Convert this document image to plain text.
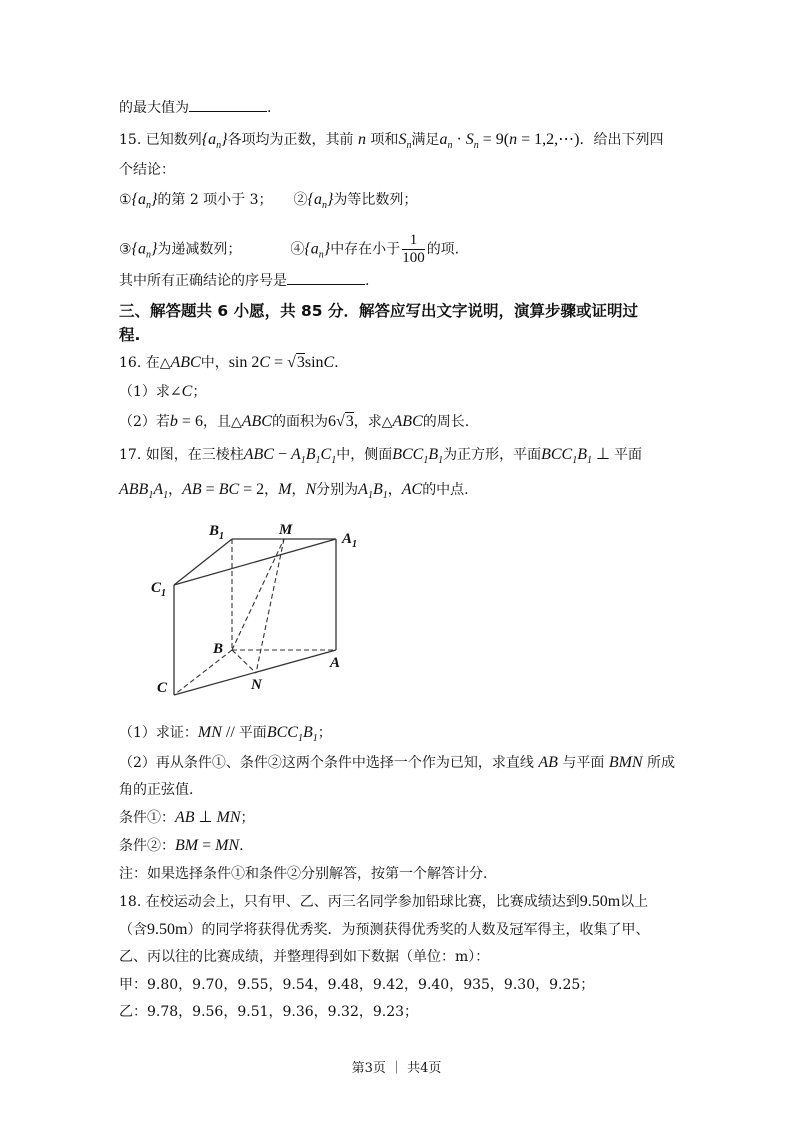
的最大值为	.
15. 已知数列$\{a_n\}$各项均为正数，其前 n 项和$S_n$满足$a_n \cdot S_n = 9(n$ = 1,2,⋯)．给出下列四
个结论：
$①\{a_n\}$的第 2 项小于 3；　　$②\{a_n\}$为等比数列；
$③\{a_n\}$为递减数列；　　　　$④\{a_n\}$中存在小于 $\frac{1}{100}$ 的项.
其中所有正确结论的序号是	.
三、解答题共 6 小愿，共 85 分．解答应写出文字说明，演算步骤或证明过
程.
16. 在△ABC中，sin 2C = √3sinC．
（1）求∠C；
（2）若b = 6，且△ABC的面积为6√3，求△ABC的周长.
17. 如图，在三棱柱ABC − $A_1B_1C_1$中，侧面$BCC_1B_1$为正方形，平面$BCC_1B_1$ ⊥ 平面
$ABB_1A_1$，AB = BC = 2，M，N分别为$A_1B_1$，AC的中点.
（1）求证：MN // 平面$BCC_1B_1$；
（2）再从条件①、条件②这两个条件中选择一个作为已知，求直线 AB 与平面 BMN 所成
角的正弦值.
条件①：AB ⊥ MN；
条件②：BM = MN.
注：如果选择条件①和条件②分别解答，按第一个解答计分.
18. 在校运动会上，只有甲、乙、丙三名同学参加铅球比赛，比赛成绩达到9.50m以上
（含9.50m）的同学将获得优秀奖．为预测获得优秀奖的人数及冠军得主，收集了甲、
乙、丙以往的比赛成绩，并整理得到如下数据（单位：m）：
甲：9.80，9.70，9.55，9.54，9.48，9.42，9.40，935，9.30，9.25；
乙：9.78，9.56，9.51，9.36，9.32，9.23；
$B_1$	M
$A_1$
$C_1$
B
A
C	N
第3页 ｜ 共4页
